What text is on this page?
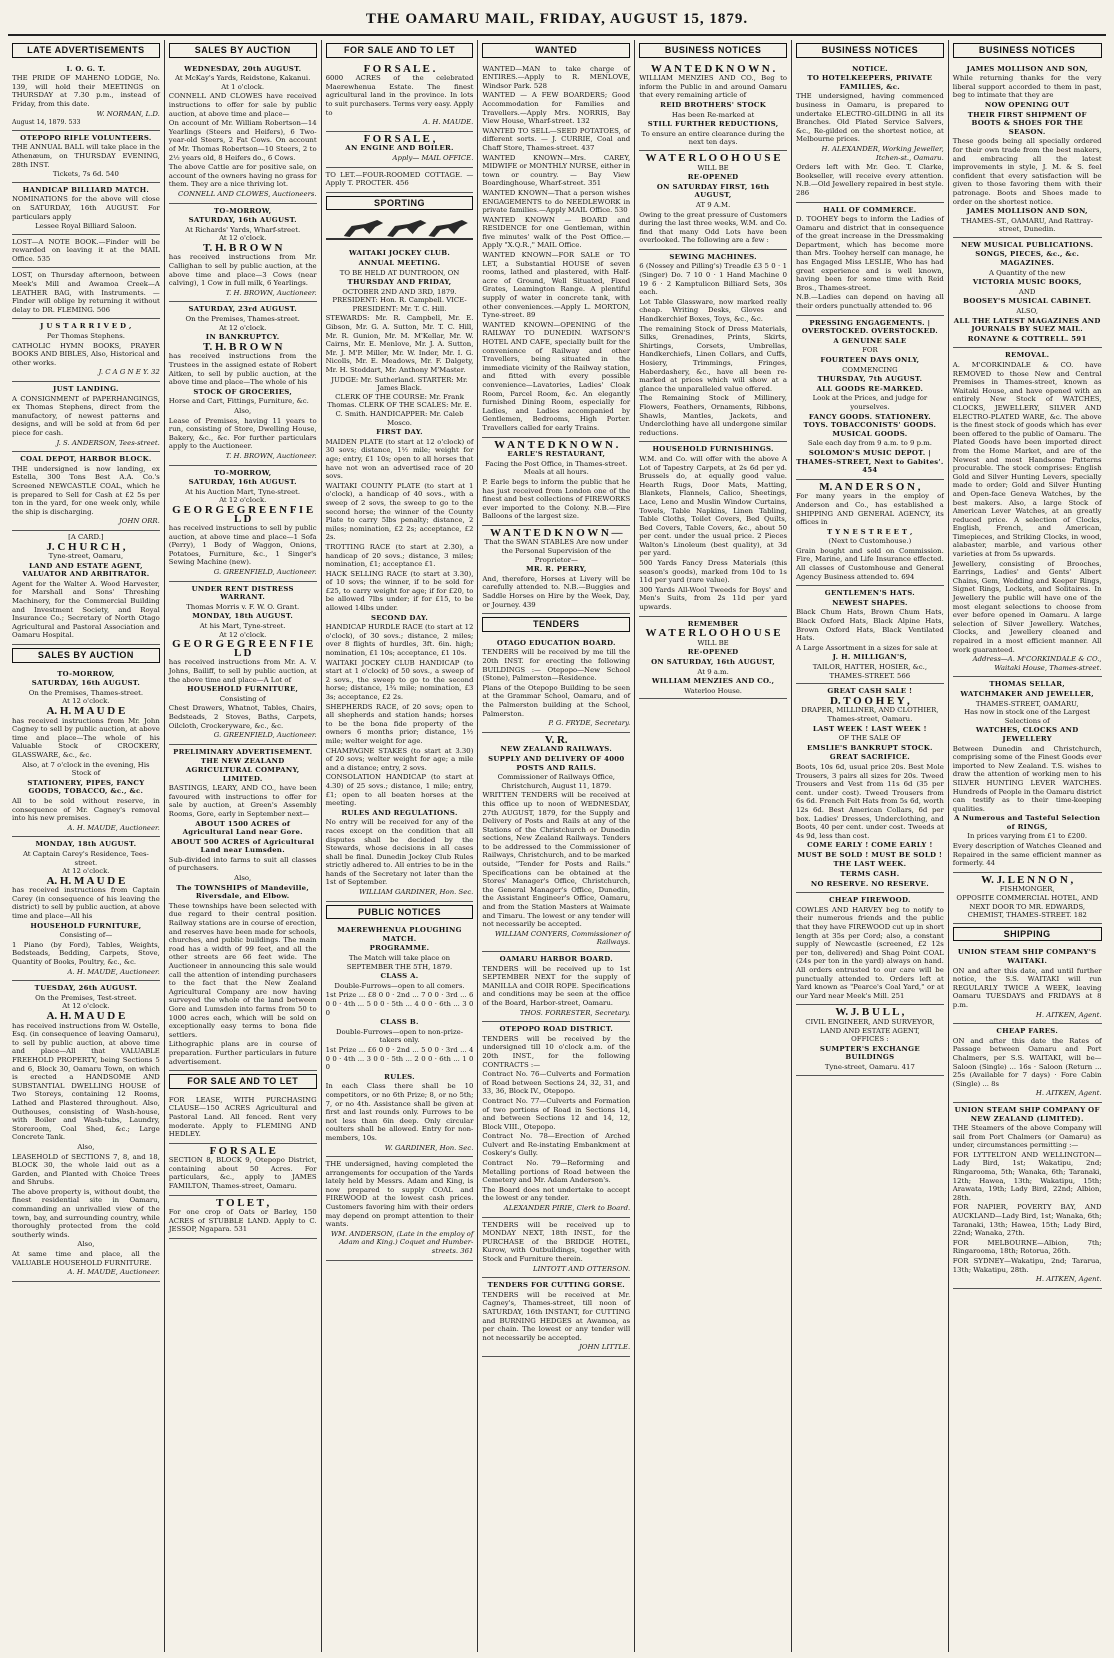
THE OAMARU MAIL, FRIDAY, AUGUST 15, 1879.
LATE ADVERTISEMENTS
I. O. G. T.
THE PRIDE OF MAHENO LODGE, No. 139, will hold their MEETINGS on THURSDAY at 7.30 p.m., instead of Friday, from this date.
W. NORMAN, L.D.
August 14, 1879. 533
OTEPOPO RIFLE VOLUNTEERS.
THE ANNUAL BALL will take place in the Athenæum, on THURSDAY EVENING, 28th INST.
Tickets, 7s 6d. 540
HANDICAP BILLIARD MATCH.
NOMINATIONS for the above will close on SATURDAY, 16th AUGUST. For particulars apply
Lessee Royal Billiard Saloon.
LOST—A NOTE BOOK.—Finder will be rewarded on leaving it at the MAIL Office. 535
LOST, on Thursday afternoon, between Meek's Mill and Awamoa Creek—A LEATHER BAG, with Instruments. — Finder will oblige by returning it without delay to DR. FLEMING. 506
J U S T A R R I V E D ,
Per Thomas Stephens.
CATHOLIC HYMN BOOKS, PRAYER BOOKS AND BIBLES, Also, Historical and other works.
J. C A G N E Y. 32
JUST LANDING.
A CONSIGNMENT of PAPERHANGINGS, ex Thomas Stephens, direct from the manufactory, of newest patterns and designs, and will be sold at from 6d per piece for cash.
J. S. ANDERSON, Tees-street.
COAL DEPOT, HARBOR BLOCK.
THE undersigned is now landing, ex Estella, 300 Tons Best A.A. Co.'s Screened NEWCASTLE COAL, which he is prepared to Sell for Cash at £2 5s per ton in the yard, for one week only, while the ship is discharging.
JOHN ORR.
[A CARD.]
J. C H U R C H ,
Tyne-street, Oamaru,
LAND AND ESTATE AGENT, VALUATOR AND ARBITRATOR.
Agent for the Walter A. Wood Harvester, for Marshall and Sons' Threshing Machinery, for the Commercial Building and Investment Society, and Royal Insurance Co.; Secretary of North Otago Agricultural and Pastoral Association and Oamaru Hospital.
SALES BY AUCTION
TO-MORROW,
SATURDAY, 16th AUGUST.
On the Premises, Thames-street.
At 12 o'clock.
A. H. M A U D E
has received instructions from Mr. John Cagney to sell by public auction, at above time and place—The whole of his Valuable Stock of CROCKERY, GLASSWARE, &c., &c.
Also, at 7 o'clock in the evening, His Stock of
STATIONERY, PIPES, FANCY GOODS, TOBACCO, &c., &c.
All to be sold without reserve, in consequence of Mr. Cagney's removal into his new premises.
A. H. MAUDE, Auctioneer.
MONDAY, 18th AUGUST.
At Captain Carey's Residence, Tees-street.
At 12 o'clock.
A. H. M A U D E
has received instructions from Captain Carey (in consequence of his leaving the district) to sell by public auction, at above time and place—All his
HOUSEHOLD FURNITURE,
Consisting of—
1 Piano (by Ford), Tables, Weights, Bedsteads, Bedding, Carpets, Stove, Quantity of Books, Poultry, &c., &c.
A. H. MAUDE, Auctioneer.
TUESDAY, 26th AUGUST.
On the Premises, Test-street.
At 12 o'clock.
A. H. M A U D E
has received instructions from W. Ostelle, Esq. (in consequence of leaving Oamaru), to sell by public auction, at above time and place—All that VALUABLE FREEHOLD PROPERTY, being Sections 5 and 6, Block 30, Oamaru Town, on which is erected a HANDSOME AND SUBSTANTIAL DWELLING HOUSE of Two Storeys, containing 12 Rooms, Lathed and Plastered throughout. Also, Outhouses, consisting of Wash-house, with Boiler and Wash-tubs, Laundry, Storeroom, Coal Shed, &c.; Large Concrete Tank.
Also,
LEASEHOLD of SECTIONS 7, 8, and 18, BLOCK 30, the whole laid out as a Garden, and Planted with Choice Trees and Shrubs.
The above property is, without doubt, the finest residential site in Oamaru, commanding an unrivalled view of the town, bay, and surrounding country, while thoroughly protected from the cold southerly winds.
Also,
At same time and place, all the VALUABLE HOUSEHOLD FURNITURE.
A. H. MAUDE, Auctioneer.
SALES BY AUCTION
WEDNESDAY, 20th AUGUST.
At McKay's Yards, Reidstone, Kakanui.
At 1 o'clock.
CONNELL AND CLOWES have received instructions to offer for sale by public auction, at above time and place—
On account of Mr. William Robertson—14 Yearlings (Steers and Heifers), 6 Two-year-old Steers, 2 Fat Cows. On account of Mr. Thomas Robertson—10 Steers, 2 to 2½ years old, 8 Heifers do., 6 Cows.
The above Cattle are for positive sale, on account of the owners having no grass for them. They are a nice thriving lot.
CONNELL AND CLOWES, Auctioneers.
TO-MORROW,
SATURDAY, 16th AUGUST.
At Richards' Yards, Wharf-street.
At 12 o'clock.
T. H. B R O W N
has received instructions from Mr. Callighan to sell by public auction, at the above time and place—3 Cows (near calving), 1 Cow in full milk, 6 Yearlings.
T. H. BROWN, Auctioneer.
SATURDAY, 23rd AUGUST.
On the Premises, Thames-street.
At 12 o'clock.
IN BANKRUPTCY.
T. H. B R O W N
has received instructions from the Trustees in the assigned estate of Robert Aitken, to sell by public auction, at the above time and place—The whole of his
STOCK OF GROCERIES,
Horse and Cart, Fittings, Furniture, &c.
Also,
Lease of Premises, having 11 years to run, consisting of Store, Dwelling House, Bakery, &c., &c. For further particulars apply to the Auctioneer.
T. H. BROWN, Auctioneer.
TO-MORROW,
SATURDAY, 16th AUGUST.
At his Auction Mart, Tyne-street.
At 12 o'clock.
G E O R G E G R E E N F I E L D
has received instructions to sell by public auction, at above time and place—1 Sofa (Perry), 1 Body of Waggon, Onions, Potatoes, Furniture, &c., 1 Singer's Sewing Machine (new).
G. GREENFIELD, Auctioneer.
UNDER RENT DISTRESS WARRANT.
Thomas Morris v. F. W. O. Grant.
MONDAY, 18th AUGUST.
At his Mart, Tyne-street.
At 12 o'clock.
G E O R G E G R E E N F I E L D
has received instructions from Mr. A. V. Johns, Bailiff, to sell by public auction, at the above time and place—A Lot of
HOUSEHOLD FURNITURE,
Consisting of
Chest Drawers, Whatnot, Tables, Chairs, Bedsteads, 2 Stoves, Baths, Carpets, Oilcloth, Crockeryware, &c., &c.
G. GREENFIELD, Auctioneer.
PRELIMINARY ADVERTISEMENT.
THE NEW ZEALAND AGRICULTURAL COMPANY, LIMITED.
BASTINGS, LEARY, AND CO., have been favoured with instructions to offer for sale by auction, at Green's Assembly Rooms, Gore, early in September next—
ABOUT 1500 ACRES of Agricultural Land near Gore.
ABOUT 500 ACRES of Agricultural Land near Lumsden.
Sub-divided into farms to suit all classes of purchasers.
Also,
The TOWNSHIPS of Mandeville, Riversdale, and Elbow.
These townships have been selected with due regard to their central position. Railway stations are in course of erection, and reserves have been made for schools, churches, and public buildings. The main road has a width of 99 feet, and all the other streets are 66 feet wide. The Auctioneer in announcing this sale would call the attention of intending purchasers to the fact that the New Zealand Agricultural Company are now having surveyed the whole of the land between Gore and Lumsden into farms from 50 to 1000 acres each, which will be sold on exceptionally easy terms to bona fide settlers.
Lithographic plans are in course of preparation. Further particulars in future advertisement.
FOR SALE AND TO LET
FOR LEASE, WITH PURCHASING CLAUSE—150 ACRES Agricultural and Pastoral Land. All fenced. Rent very moderate. Apply to FLEMING AND HEDLEY.
F O R S A L E
SECTION 8, BLOCK 9, Otepopo District, containing about 50 Acres. For particulars, &c., apply to JAMES FAMILTON, Thames-street, Oamaru.
T O L E T ,
For one crop of Oats or Barley, 150 ACRES of STUBBLE LAND. Apply to C. JESSOP, Ngapara. 531
FOR SALE AND TO LET
F O R S A L E .
6000 ACRES of the celebrated Maerewhenua Estate. The finest agricultural land in the province. In lots to suit purchasers. Terms very easy. Apply to
A. H. MAUDE.
F O R S A L E ,
AN ENGINE AND BOILER.
Apply— MAIL OFFICE.
TO LET.—FOUR-ROOMED COTTAGE. —Apply T. PROCTER. 456
SPORTING
WAITAKI JOCKEY CLUB.
ANNUAL MEETING.
TO BE HELD AT DUNTROON, ON
THURSDAY AND FRIDAY,
OCTOBER 2ND AND 3RD, 1879.
PRESIDENT: Hon. R. Campbell. VICE-PRESIDENT: Mr. T. C. Hill.
STEWARDS: Mr. R. Campbell, Mr. E. Gibson, Mr. G. A. Sutton, Mr. T. C. Hill, Mr. R. Gunion, Mr. M. M'Kellar, Mr. W. Cairns, Mr. E. Menlove, Mr. J. A. Sutton, Mr. J. M'P. Miller, Mr. W. Inder, Mr. I. G. Nicolls, Mr. E. Meadows, Mr. F. Dalgety, Mr. H. Stoddart, Mr. Anthony M'Master.
JUDGE: Mr. Sutherland. STARTER: Mr. James Black.
CLERK OF THE COURSE: Mr. Frank Thomas. CLERK OF THE SCALES: Mr. E. C. Smith. HANDICAPPER: Mr. Caleb Mosco.
FIRST DAY.
MAIDEN PLATE (to start at 12 o'clock) of 30 sovs; distance, 1½ mile; weight for age; entry, £1 10s; open to all horses that have not won an advertised race of 20 sovs.
WAITAKI COUNTY PLATE (to start at 1 o'clock), a handicap of 40 sovs., with a sweep of 2 sovs, the sweep to go to the second horse; the winner of the County Plate to carry 5lbs penalty; distance, 2 miles; nomination, £2 2s; acceptance, £2 2s.
TROTTING RACE (to start at 2.30), a handicap of 20 sovs.; distance, 3 miles; nomination, £1; acceptance £1.
HACK SELLING RACE (to start at 3.30), of 10 sovs; the winner, if to be sold for £25, to carry weight for age; if for £20, to be allowed 7lbs under; if for £15, to be allowed 14lbs under.
SECOND DAY.
HANDICAP HURDLE RACE (to start at 12 o'clock), of 30 sovs.; distance, 2 miles; over 8 flights of hurdles, 3ft. 6in. high; nomination, £1 10s; acceptance, £1 10s.
WAITAKI JOCKEY CLUB HANDICAP (to start at 1 o'clock) of 50 sovs., a sweep of 2 sovs., the sweep to go to the second horse; distance, 1¾ mile; nomination, £3 3s; acceptance, £2 2s.
SHEPHERDS RACE, of 20 sovs; open to all shepherds and station hands; horses to be the bona fide property of the owners 6 months prior; distance, 1½ mile; welter weight for age.
CHAMPAGNE STAKES (to start at 3.30) of 20 sovs; welter weight for age; a mile and a distance; entry, 2 sovs.
CONSOLATION HANDICAP (to start at 4.30) of 25 sovs.; distance, 1 mile; entry, £1; open to all beaten horses at the meeting.
RULES AND REGULATIONS.
No entry will be received for any of the races except on the condition that all disputes shall be decided by the Stewards, whose decisions in all cases shall be final. Dunedin Jockey Club Rules strictly adhered to. All entries to be in the hands of the Secretary not later than the 1st of September.
WILLIAM GARDINER, Hon. Sec.
PUBLIC NOTICES
MAEREWHENUA PLOUGHING MATCH.
PROGRAMME.
The Match will take place on SEPTEMBER THE 5TH, 1879.
CLASS A.
Double-Furrows—open to all comers.
1st Prize ... £8 0 0 · 2nd ... 7 0 0 · 3rd ... 6 0 0 · 4th ... 5 0 0 · 5th ... 4 0 0 · 6th ... 3 0 0
CLASS B.
Double-Furrows—open to non-prize-takers only.
1st Prize ... £6 0 0 · 2nd ... 5 0 0 · 3rd ... 4 0 0 · 4th ... 3 0 0 · 5th ... 2 0 0 · 6th ... 1 0 0
RULES.
In each Class there shall be 10 competitors, or no 6th Prize; 8, or no 5th; 7, or no 4th. Assistance shall be given at first and last rounds only. Furrows to be not less than 6in deep. Only circular coulters shall be allowed. Entry for non-members, 10s.
W. GARDINER, Hon. Sec.
THE undersigned, having completed the arrangements for occupation of the Yards lately held by Messrs. Adam and King, is now prepared to supply COAL and FIREWOOD at the lowest cash prices. Customers favoring him with their orders may depend on prompt attention to their wants.
WM. ANDERSON, (Late in the employ of Adam and King.) Coquet and Humber-streets. 361
WANTED
WANTED—MAN to take charge of ENTIRES.—Apply to R. MENLOVE, Windsor Park. 528
WANTED — A FEW BOARDERS; Good Accommodation for Families and Travellers.—Apply Mrs. NORRIS, Bay View House, Wharf-street. 132
WANTED TO SELL—SEED POTATOES, of different sorts. — J. CURRIE, Coal and Chaff Store, Thames-street. 437
WANTED KNOWN—Mrs. CAREY, MIDWIFE or MONTHLY NURSE, either in town or country. — Bay View Boardinghouse, Wharf-street. 351
WANTED KNOWN—That a person wishes ENGAGEMENTS to do NEEDLEWORK in private families.—Apply MAIL Office. 530
WANTED KNOWN — BOARD and RESIDENCE for one Gentleman, within five minutes' walk of the Post Office.—Apply "X.Q.R.," MAIL Office.
WANTED KNOWN—FOR SALE or TO LET, a Substantial HOUSE of seven rooms, lathed and plastered, with Half-acre of Ground, Well Situated, Fixed Grates, Leamington Range. A plentiful supply of water in concrete tank, with other conveniences.—Apply L. MORTON, Tyne-street. 89
WANTED KNOWN—OPENING of the RAILWAY TO DUNEDIN. WATSON'S HOTEL AND CAFE, specially built for the convenience of Railway and other Travellers, being situated in the immediate vicinity of the Railway station, and fitted with every possible convenience—Lavatories, Ladies' Cloak Room, Parcel Room, &c. An elegantly furnished Dining Room, especially for Ladies, and Ladies accompanied by Gentlemen, Bedrooms, High Porter. Travellers called for early Trains.
W A N T E D K N O W N .
EARLE'S RESTAURANT,
Facing the Post Office, in Thames-street.
Meals at all hours.
P. Earle begs to inform the public that he has just received from London one of the finest and best collections of FIREWORKS ever imported to the Colony. N.B.—Fire Balloons of the largest size.
W A N T E D K N O W N —
That the SWAN STABLES Are now under the Personal Supervision of the Proprietor—
MR. R. PERRY,
And, therefore, Horses at Livery will be carefully attended to. N.B.—Buggies and Saddle Horses on Hire by the Week, Day, or Journey. 439
TENDERS
OTAGO EDUCATION BOARD.
TENDERS will be received by me till the 20th INST. for erecting the following BUILDINGS :— Otepopo—New School (Stone), Palmerston—Residence.
Plans of the Otepopo Building to be seen at the Grammar School, Oamaru, and of the Palmerston building at the School, Palmerston.
P. G. FRYDE, Secretary.
V. R.
NEW ZEALAND RAILWAYS.
SUPPLY AND DELIVERY OF 4000 POSTS AND RAILS.
Commissioner of Railways Office, Christchurch, August 11, 1879.
WRITTEN TENDERS will be received at this office up to noon of WEDNESDAY, 27th AUGUST, 1879, for the Supply and Delivery of Posts and Rails at any of the Stations of the Christchurch or Dunedin sections, New Zealand Railways. Tenders to be addressed to the Commissioner of Railways, Christchurch, and to be marked outside, "Tender for Posts and Rails." Specifications can be obtained at the Stores' Manager's Office, Christchurch, the General Manager's Office, Dunedin, the Assistant Engineer's Office, Oamaru, and from the Station Masters at Waimate and Timaru. The lowest or any tender will not necessarily be accepted.
WILLIAM CONYERS, Commissioner of Railways.
OAMARU HARBOR BOARD.
TENDERS will be received up to 1st SEPTEMBER NEXT for the supply of MANILLA and COIR ROPE. Specifications and conditions may be seen at the office of the Board, Harbor-street, Oamaru.
THOS. FORRESTER, Secretary.
OTEPOPO ROAD DISTRICT.
TENDERS will be received by the undersigned till 10 o'clock a.m. of the 20th INST., for the following CONTRACTS :—
Contract No. 76—Culverts and Formation of Road between Sections 24, 32, 31, and 33, 36, Block IV., Otepopo.
Contract No. 77—Culverts and Formation of two portions of Road in Sections 14, and between Sections 12 and 14, 12, Block VIII., Otepopo.
Contract No. 78—Erection of Arched Culvert and Re-instating Embankment at Coskery's Gully.
Contract No. 79—Reforming and Metalling portions of Road between the Cemetery and Mr. Adam Anderson's.
The Board does not undertake to accept the lowest or any tender.
ALEXANDER PIRIE, Clerk to Board.
TENDERS will be received up to MONDAY NEXT, 18th INST., for the PURCHASE of the BRIDGE HOTEL, Kurow, with Outbuildings, together with Stock and Furniture therein.
LINTOTT AND OTTERSON.
TENDERS FOR CUTTING GORSE.
TENDERS will be received at Mr. Cagney's, Thames-street, till noon of SATURDAY, 16th INSTANT, for CUTTING and BURNING HEDGES at Awamoa, as per chain. The lowest or any tender will not necessarily be accepted.
JOHN LITTLE.
BUSINESS NOTICES
W A N T E D K N O W N .
WILLIAM MENZIES AND CO., Beg to inform the Public in and around Oamaru that every remaining article of
REID BROTHERS' STOCK
Has been Re-marked at
STILL FURTHER REDUCTIONS,
To ensure an entire clearance during the next ten days.
W A T E R L O O H O U S E
WILL BE
RE-OPENED
ON SATURDAY FIRST, 16th AUGUST,
AT 9 A.M.
Owing to the great pressure of Customers during the last three weeks, W.M. and Co. find that many Odd Lots have been overlooked. The following are a few :
SEWING MACHINES.
6 (Nossey and Pilling's) Treadle £3 5 0 · 1 (Singer) Do. 7 10 0 · 1 Hand Machine 0 19 6 · 2 Kamptulicon Billiard Sets, 30s each.
Lot Table Glassware, now marked really cheap. Writing Desks, Gloves and Handkerchief Boxes, Toys, &c., &c.
The remaining Stock of Dress Materials, Silks, Grenadines, Prints, Skirts, Shirtings, Corsets, Umbrellas, Handkerchiefs, Linen Collars, and Cuffs, Hosiery, Trimmings, Fringes, Haberdashery, &c., have all been re-marked at prices which will show at a glance the unparalleled value offered.
The Remaining Stock of Millinery, Flowers, Feathers, Ornaments, Ribbons, Shawls, Mantles, Jackets, and Underclothing have all undergone similar reductions.
HOUSEHOLD FURNISHINGS.
W.M. and Co. will offer with the above A Lot of Tapestry Carpets, at 2s 6d per yd. Brussels do, at equally good value. Hearth Rugs, Door Mats, Matting, Blankets, Flannels, Calico, Sheetings, Lace, Leno and Muslin Window Curtains, Towels, Table Napkins, Linen Tabling, Table Cloths, Toilet Covers, Bed Quilts, Bed Covers, Table Covers, &c., about 50 per cent. under the usual price. 2 Pieces Walton's Linoleum (best quality), at 3d per yard.
500 Yards Fancy Dress Materials (this season's goods), marked from 10d to 1s 11d per yard (rare value).
300 Yards All-Wool Tweeds for Boys' and Men's Suits, from 2s 11d per yard upwards.
REMEMBER
W A T E R L O O H O U S E
WILL BE
RE-OPENED
ON SATURDAY, 16th AUGUST,
At 9 a.m.
WILLIAM MENZIES AND CO.,
Waterloo House.
BUSINESS NOTICES
NOTICE.
TO HOTELKEEPERS, PRIVATE FAMILIES, &c.
THE undersigned, having commenced business in Oamaru, is prepared to undertake ELECTRO-GILDING in all its Branches. Old Plated Service Salvers, &c., Re-gilded on the shortest notice, at Melbourne prices.
H. ALEXANDER, Working Jeweller, Itchen-st., Oamaru.
Orders left with Mr. Geo. T. Clarke, Bookseller, will receive every attention. N.B.—Old Jewellery repaired in best style. 286
HALL OF COMMERCE.
D. TOOHEY begs to inform the Ladies of Oamaru and district that in consequence of the great increase in the Dressmaking Department, which has become more than Mrs. Toohey herself can manage, he has Engaged Miss LESLIE, Who has had great experience and is well known, having been for some time with Reid Bros., Thames-street.
N.B.—Ladies can depend on having all their orders punctually attended to. 96
PRESSING ENGAGEMENTS. | OVERSTOCKED. OVERSTOCKED.
A GENUINE SALE
FOR
FOURTEEN DAYS ONLY,
COMMENCING
THURSDAY, 7th AUGUST.
ALL GOODS RE-MARKED.
Look at the Prices, and judge for yourselves.
FANCY GOODS. STATIONERY. TOYS. TOBACCONISTS' GOODS. MUSICAL GOODS.
Sale each day from 9 a.m. to 9 p.m.
SOLOMON'S MUSIC DEPOT. | THAMES-STREET, Next to Gabites'. 454
M. A N D E R S O N ,
For many years in the employ of Anderson and Co., has established a SHIPPING AND GENERAL AGENCY, its offices in
T Y N E S T R E E T ,
(Next to Customhouse.)
Grain bought and sold on Commission. Fire, Marine, and Life Insurance effected. All classes of Customhouse and General Agency Business attended to. 694
GENTLEMEN'S HATS.
NEWEST SHAPES.
Black Chum Hats, Brown Chum Hats, Black Oxford Hats, Black Alpine Hats, Brown Oxford Hats, Black Ventilated Hats.
A Large Assortment in a sizes for sale at
J. H. MILLIGAN'S,
TAILOR, HATTER, HOSIER, &c., THAMES-STREET. 566
GREAT CASH SALE !
D. T O O H E Y ,
DRAPER, MILLINER, AND CLOTHIER, Thames-street, Oamaru.
LAST WEEK ! LAST WEEK !
OF THE SALE OF
EMSLIE'S BANKRUPT STOCK.
GREAT SACRIFICE.
Boots, 10s 6d, usual price 20s. Best Mole Trousers, 3 pairs all sizes for 20s. Tweed Trousers and Vest from 11s 6d (35 per cent. under cost). Tweed Trousers from 6s 6d. French Felt Hats from 5s 6d, worth 12s 6d. Best American Collars, 6d per box. Ladies' Dresses, Underclothing, and Boots, 40 per cent. under cost. Tweeds at 4s 9d, less than cost.
COME EARLY ! COME EARLY !
MUST BE SOLD ! MUST BE SOLD !
THE LAST WEEK.
TERMS CASH.
NO RESERVE. NO RESERVE.
CHEAP FIREWOOD.
COWLES AND HARVEY beg to notify to their numerous friends and the public that they have FIREWOOD cut up in short length at 35s per Cord; also, a constant supply of Newcastle (screened, £2 12s per ton, delivered) and Shag Point COAL (24s per ton in the yard) always on hand. All orders entrusted to our care will be punctually attended to. Orders left at Yard known as "Pearce's Coal Yard," or at our Yard near Meek's Mill. 251
W. J. B U L L ,
CIVIL ENGINEER, AND SURVEYOR, LAND AND ESTATE AGENT,
OFFICES :
SUMPTER'S EXCHANGE BUILDINGS
Tyne-street, Oamaru. 417
BUSINESS NOTICES
JAMES MOLLISON AND SON,
While returning thanks for the very liberal support accorded to them in past, beg to intimate that they are
NOW OPENING OUT
THEIR FIRST SHIPMENT OF BOOTS & SHOES FOR THE SEASON.
These goods being all specially ordered for their own trade from the best makers, and embracing all the latest improvements in style, J. M. & S. feel confident that every satisfaction will be given to those favoring them with their patronage. Boots and Shoes made to order on the shortest notice.
JAMES MOLLISON AND SON,
THAMES-ST., OAMARU, And Rattray-street, Dunedin.
NEW MUSICAL PUBLICATIONS.
SONGS, PIECES, &c., &c. MAGAZINES.
A Quantity of the new
VICTORIA MUSIC BOOKS,
AND
BOOSEY'S MUSICAL CABINET.
ALSO,
ALL THE LATEST MAGAZINES AND JOURNALS BY SUEZ MAIL.
RONAYNE & COTTRELL. 591
REMOVAL.
A. M'CORKINDALE & CO. have REMOVED to those New and Central Premises in Thames-street, known as Waitaki House, and have opened with an entirely New Stock of WATCHES, CLOCKS, JEWELLERY, SILVER AND ELECTRO-PLATED WARE, &c. The above is the finest stock of goods which has ever been offered to the public of Oamaru. The Plated Goods have been imported direct from the Home Market, and are of the Newest and most Handsome Patterns procurable. The stock comprises: English Gold and Silver Hunting Levers, specially made to order; Gold and Silver Hunting and Open-face Geneva Watches, by the best makers. Also, a large Stock of American Lever Watches, at an greatly reduced price. A selection of Clocks, English, French, and American, Timepieces, and Striking Clocks, in wood, alabaster, marble, and various other varieties at from 5s upwards.
Jewellery, consisting of Brooches, Earrings, Ladies' and Gents' Albert Chains, Gem, Wedding and Keeper Rings, Signet Rings, Lockets, and Solitaires. In Jewellery the public will have one of the most elegant selections to choose from ever before opened in Oamaru. A large selection of Silver Jewellery. Watches, Clocks, and Jewellery cleaned and repaired in a most efficient manner. All work guaranteed.
Address—A. M'CORKINDALE & CO., Waitaki House, Thames-street.
THOMAS SELLAR,
WATCHMAKER AND JEWELLER,
THAMES-STREET, OAMARU,
Has now in stock one of the Largest Selections of
WATCHES, CLOCKS AND JEWELLERY
Between Dunedin and Christchurch, comprising some of the Finest Goods ever imported to New Zealand. T.S. wishes to draw the attention of working men to his SILVER HUNTING LEVER WATCHES. Hundreds of People in the Oamaru district can testify as to their time-keeping qualities.
A Numerous and Tasteful Selection of RINGS,
In prices varying from £1 to £200.
Every description of Watches Cleaned and Repaired in the same efficient manner as formerly. 44
W. J. L E N N O N ,
FISHMONGER,
OPPOSITE COMMERCIAL HOTEL, AND NEXT DOOR TO MR. EDWARDS, CHEMIST, THAMES-STREET. 182
SHIPPING
UNION STEAM SHIP COMPANY'S WAITAKI.
ON and after this date, and until further notice, the S.S. WAITAKI will run REGULARLY TWICE A WEEK, leaving Oamaru TUESDAYS and FRIDAYS at 8 p.m.
H. AITKEN, Agent.
CHEAP FARES.
ON and after this date the Rates of Passage between Oamaru and Port Chalmers, per S.S. WAITAKI, will be—Saloon (Single) ... 16s · Saloon (Return ... 25s (Available for 7 days) · Fore Cabin (Single) ... 8s
H. AITKEN, Agent.
UNION STEAM SHIP COMPANY OF NEW ZEALAND (LIMITED).
THE Steamers of the above Company will sail from Port Chalmers (or Oamaru) as under, circumstances permitting :—
FOR LYTTELTON AND WELLINGTON—Lady Bird, 1st; Wakatipu, 2nd; Ringarooma, 5th; Wanaka, 6th; Taranaki, 12th; Hawea, 13th; Wakatipu, 15th; Arawata, 19th; Lady Bird, 22nd; Albion, 28th.
FOR NAPIER, POVERTY BAY, AND AUCKLAND—Lady Bird, 1st; Wanaka, 6th; Taranaki, 13th; Hawea, 15th; Lady Bird, 22nd; Wanaka, 27th.
FOR MELBOURNE—Albion, 7th; Ringarooma, 18th; Rotorua, 26th.
FOR SYDNEY—Wakatipu, 2nd; Tararua, 13th; Wakatipu, 28th.
H. AITKEN, Agent.
